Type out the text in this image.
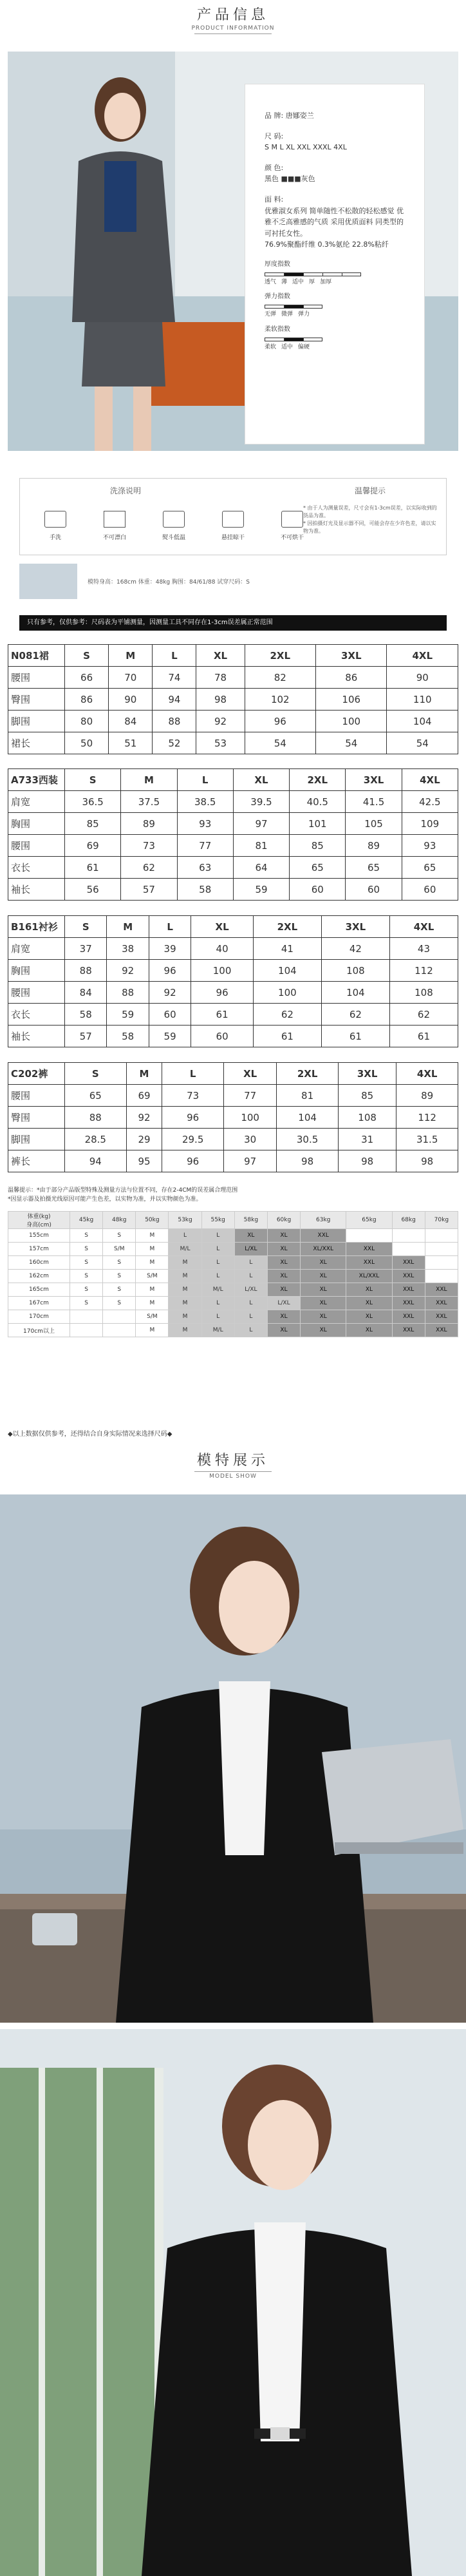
产品信息
PRODUCT INFORMATION
品 牌: 唐娜姿兰
尺 码:
S M L XL XXL XXXL 4XL
颜 色:
黑色 ■■■灰色
面 料:
优雅淑女系列 简单随性不松散的轻松感觉 优雅不乏高雅感的气质 采用优质面料 同类型的可衬托女性。
76.9%聚酯纤维 0.3%氨纶 22.8%粘纤
厚度指数
透气 薄 适中 厚 加厚
弹力指数
无弹 微弹 弹力
柔软指数
柔软 适中 偏硬
洗涤说明	温馨提示
手洗	不可漂白	熨斗低温	悬挂晾干	不可烘干
* 由于人为测量误差，尺寸会有1-3cm误差，以实际收到的货品为准。
* 因拍摄灯光及显示器不同，可能会存在少许色差，请以实物为准。
模特身高：168cm 体重：48kg 胸围：84/61/88 试穿尺码：S
只有参考，仅供参考：尺码表为平铺测量，因测量工具不同存在1-3cm误差属正常范围
N081裙	S	M	L	XL	2XL	3XL	4XL
腰围	66	70	74	78	82	86	90
臀围	86	90	94	98	102	106	110
脚围	80	84	88	92	96	100	104
裙长	50	51	52	53	54	54	54
A733西装	S	M	L	XL	2XL	3XL	4XL
肩宽	36.5	37.5	38.5	39.5	40.5	41.5	42.5
胸围	85	89	93	97	101	105	109
腰围	69	73	77	81	85	89	93
衣长	61	62	63	64	65	65	65
袖长	56	57	58	59	60	60	60
B161衬衫	S	M	L	XL	2XL	3XL	4XL
肩宽	37	38	39	40	41	42	43
胸围	88	92	96	100	104	108	112
腰围	84	88	92	96	100	104	108
衣长	58	59	60	61	62	62	62
袖长	57	58	59	60	61	61	61
C202裤	S	M	L	XL	2XL	3XL	4XL
腰围	65	69	73	77	81	85	89
臀围	88	92	96	100	104	108	112
脚围	28.5	29	29.5	30	30.5	31	31.5
裤长	94	95	96	97	98	98	98
温馨提示：*由于部分产品版型特殊及测量方法与位置不同，存在2-4CM的误差属合理范围
*因显示器及拍摄光线原因可能产生色差，以实物为准，并以实物颜色为准。
体重(kg)
身高(cm)	45kg	48kg	50kg	53kg	55kg	58kg	60kg	63kg	65kg	68kg	70kg
155cm	S	S	M	L	L	XL	XL	XXL			
157cm	S	S/M	M	M/L	L	L/XL	XL	XL/XXL	XXL		
160cm	S	S	M	M	L	L	XL	XL	XXL	XXL	
162cm	S	S	S/M	M	L	L	XL	XL	XL/XXL	XXL	
165cm	S	S	M	M	M/L	L/XL	XL	XL	XL	XXL	XXL
167cm	S	S	M	M	L	L	L/XL	XL	XL	XXL	XXL
170cm			S/M	M	L	L	XL	XL	XL	XXL	XXL
170cm以上			M	M	M/L	L	XL	XL	XL	XXL	XXL
◆以上数据仅供参考，还得结合自身实际情况来选择尺码◆
模特展示
MODEL SHOW
